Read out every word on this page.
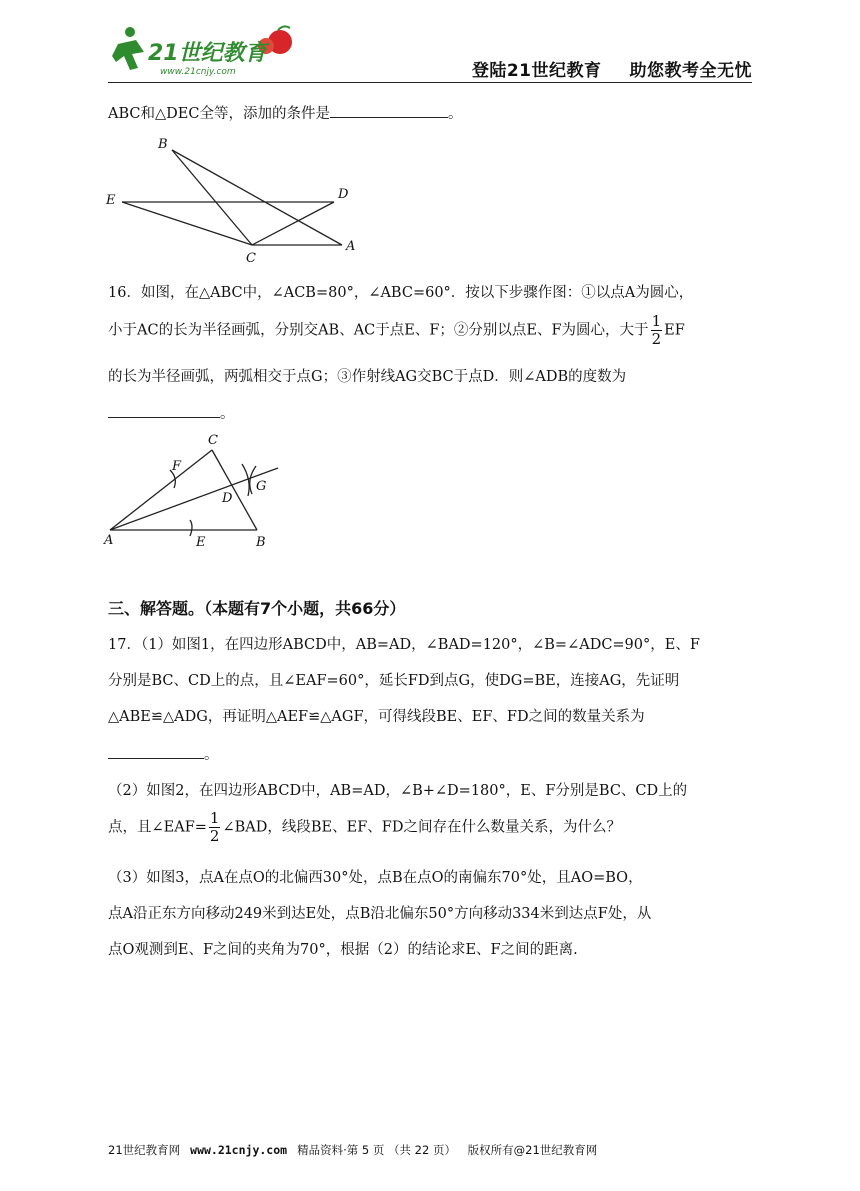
21世纪教育
www.21cnjy.com	登陆21世纪教育 助您教考全无忧
ABC和△DEC全等，添加的条件是	。
B
E	D
C
A
16．如图，在△ABC中，∠ACB=80°，∠ABC=60°．按以下步骤作图：①以点A为圆心，
小于AC的长为半径画弧，分别交AB、AC于点E、F；②分别以点E、F为圆心，大于 $\frac{1}{2}$ EF
的长为半径画弧，两弧相交于点G；③作射线AG交BC于点D．则∠ADB的度数为
。
C
F
D
G
A	E	B
三、解答题。（本题有7个小题，共66分）
17．（1）如图1，在四边形ABCD中，AB=AD，∠BAD=120°，∠B=∠ADC=90°，E、F
分别是BC、CD上的点，且∠EAF=60°，延长FD到点G，使DG=BE，连接AG，先证明
△ABE≌△ADG，再证明△AEF≌△AGF，可得线段BE、EF、FD之间的数量关系为
。
（2）如图2，在四边形ABCD中，AB=AD，∠B+∠D=180°，E、F分别是BC、CD上的
点，且∠EAF= $\frac{1}{2}$ ∠BAD，线段BE、EF、FD之间存在什么数量关系，为什么？
（3）如图3，点A在点O的北偏西30°处，点B在点O的南偏东70°处，且AO=BO，
点A沿正东方向移动249米到达E处，点B沿北偏东50°方向移动334米到达点F处，从
点O观测到E、F之间的夹角为70°，根据（2）的结论求E、F之间的距离.
21世纪教育网 www.21cnjy.com 精品资料·第 5 页 （共 22 页） 版权所有@21世纪教育网
